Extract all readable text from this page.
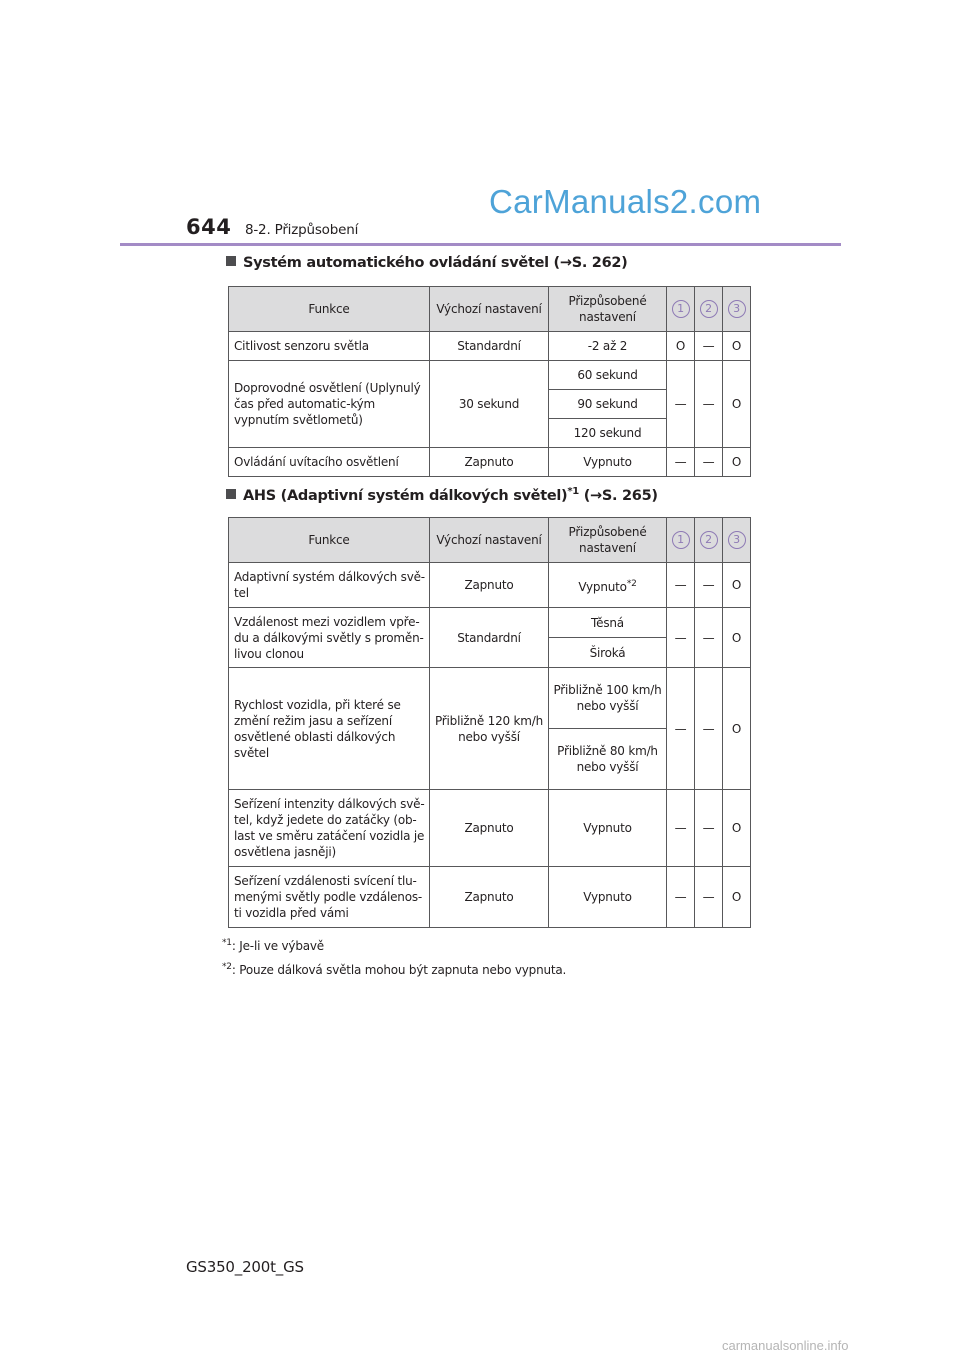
644 8-2. Přizpůsobení
CarManuals2.com
Systém automatického ovládání světel (→S. 262)
Funkce	Výchozí nastavení	Přizpůsobené nastavení	1	2	3
Citlivost senzoru světla	Standardní	-2 až 2	O	—	O
Doprovodné osvětlení (Uplynulý čas před automatic-kým vypnutím světlometů)	30 sekund	60 sekund	—	—	O
		90 sekund			
		120 sekund			
Ovládání uvítacího osvětlení	Zapnuto	Vypnuto	—	—	O
AHS (Adaptivní systém dálkových světel)$^{*1}$ (→S. 265)
Funkce	Výchozí nastavení	Přizpůsobené nastavení	1	2	3
Adaptivní systém dálkových svě-tel	Zapnuto	Vypnuto$^{*2}$	—	—	O
Vzdálenost mezi vozidlem vpře-du a dálkovými světly s proměn-livou clonou	Standardní	Těsná	—	—	O
		Široká			
Rychlost vozidla, při které se změní režim jasu a seřízení osvětlené oblasti dálkových světel	Přibližně 120 km/h nebo vyšší	Přibližně 100 km/h nebo vyšší	—	—	O
		Přibližně 80 km/h nebo vyšší			
Seřízení intenzity dálkových svě-tel, když jedete do zatáčky (ob-last ve směru zatáčení vozidla je osvětlena jasněji)	Zapnuto	Vypnuto	—	—	O
Seřízení vzdálenosti svícení tlu-menými světly podle vzdálenos-ti vozidla před vámi	Zapnuto	Vypnuto	—	—	O
$^{*1}$: Je-li ve výbavě
$^{*2}$: Pouze dálková světla mohou být zapnuta nebo vypnuta.
GS350_200t_GS
carmanualsonline.info
